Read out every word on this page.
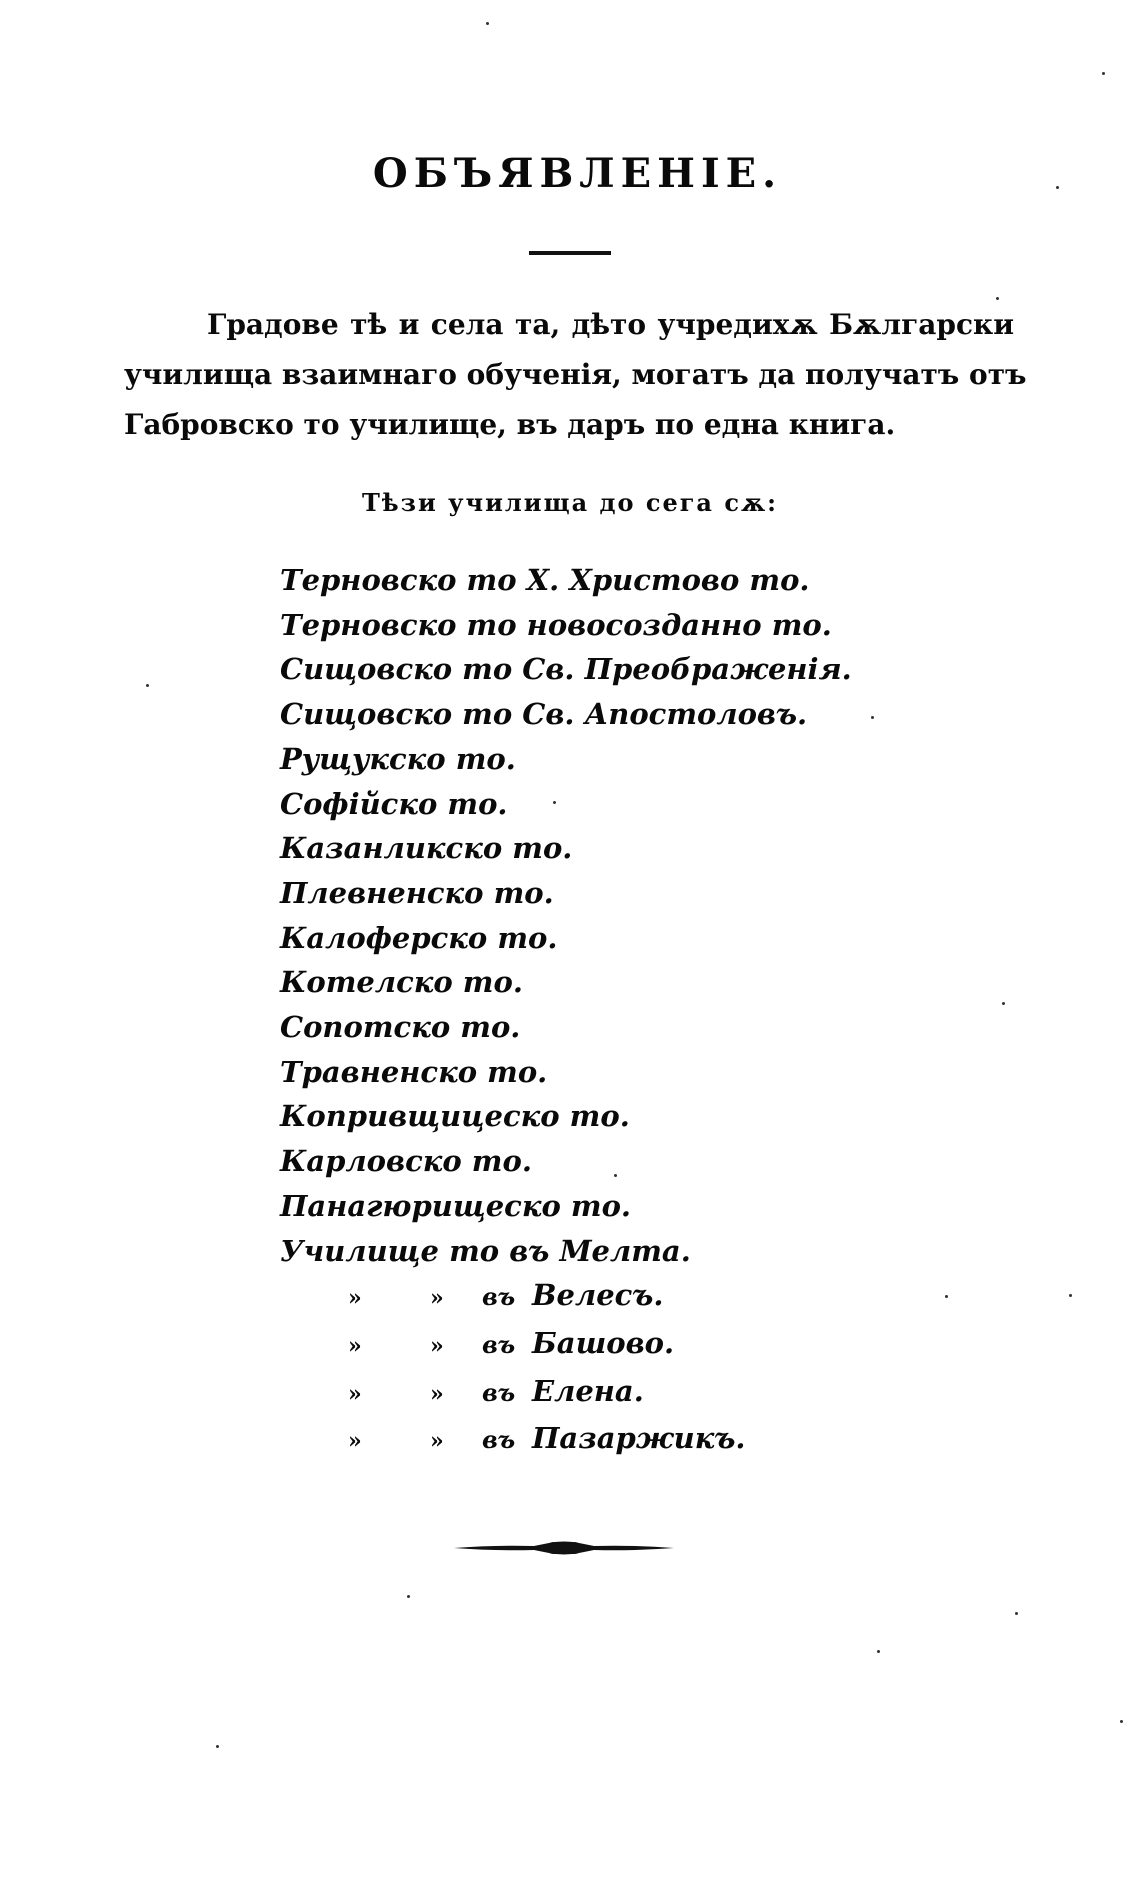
ОБЪЯВЛЕНІЕ.

Градове тѣ и села та, дѣто учредихѫ Бѫлгарски
училища взаимнаго обученія, могатъ да получатъ отъ
Габровско то училище, въ даръ по една книга.

Тѣзи училища до сега сѫ:

Терновско то Х. Христово то.
Терновско то новосозданно то.
Сищовско то Св. Преображенія.
Сищовско то Св. Апостоловъ.
Рущукско то.
Софійско то.
Казанликско то.
Плевненско то.
Калоферско то.
Котелско то.
Сопотско то.
Травненско то.
Копривщицеско то.
Карловско то.
Панагюрищеско то.
Училище то въ Мелта.
»	»	въ Велесъ.
»	»	въ Башово.
»	»	въ Елена.
»	»	въ Пазаржикъ.
